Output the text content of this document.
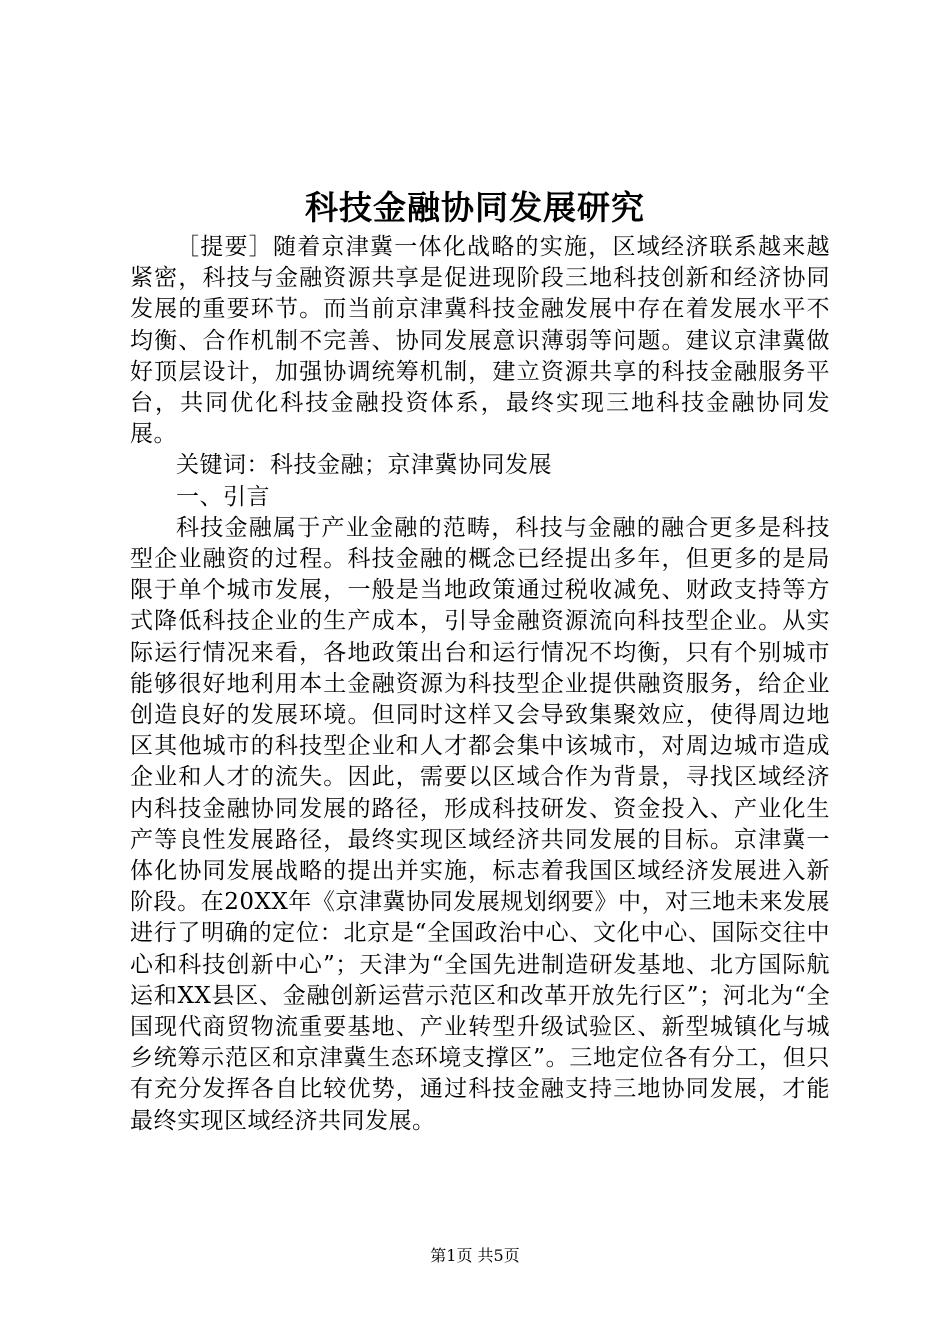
科技金融协同发展研究

［提要］随着京津冀一体化战略的实施，区域经济联系越来越紧密，科技与金融资源共享是促进现阶段三地科技创新和经济协同发展的重要环节。而当前京津冀科技金融发展中存在着发展水平不均衡、合作机制不完善、协同发展意识薄弱等问题。建议京津冀做好顶层设计，加强协调统筹机制，建立资源共享的科技金融服务平台，共同优化科技金融投资体系，最终实现三地科技金融协同发展。

关键词：科技金融；京津冀协同发展

一、引言

科技金融属于产业金融的范畴，科技与金融的融合更多是科技型企业融资的过程。科技金融的概念已经提出多年，但更多的是局限于单个城市发展，一般是当地政策通过税收减免、财政支持等方式降低科技企业的生产成本，引导金融资源流向科技型企业。从实际运行情况来看，各地政策出台和运行情况不均衡，只有个别城市能够很好地利用本土金融资源为科技型企业提供融资服务，给企业创造良好的发展环境。但同时这样又会导致集聚效应，使得周边地区其他城市的科技型企业和人才都会集中该城市，对周边城市造成企业和人才的流失。因此，需要以区域合作为背景，寻找区域经济内科技金融协同发展的路径，形成科技研发、资金投入、产业化生产等良性发展路径，最终实现区域经济共同发展的目标。京津冀一体化协同发展战略的提出并实施，标志着我国区域经济发展进入新阶段。在20XX年《京津冀协同发展规划纲要》中，对三地未来发展进行了明确的定位：北京是“全国政治中心、文化中心、国际交往中心和科技创新中心”；天津为“全国先进制造研发基地、北方国际航运和XX县区、金融创新运营示范区和改革开放先行区”；河北为“全国现代商贸物流重要基地、产业转型升级试验区、新型城镇化与城乡统筹示范区和京津冀生态环境支撑区”。三地定位各有分工，但只有充分发挥各自比较优势，通过科技金融支持三地协同发展，才能最终实现区域经济共同发展。

第1页 共5页
